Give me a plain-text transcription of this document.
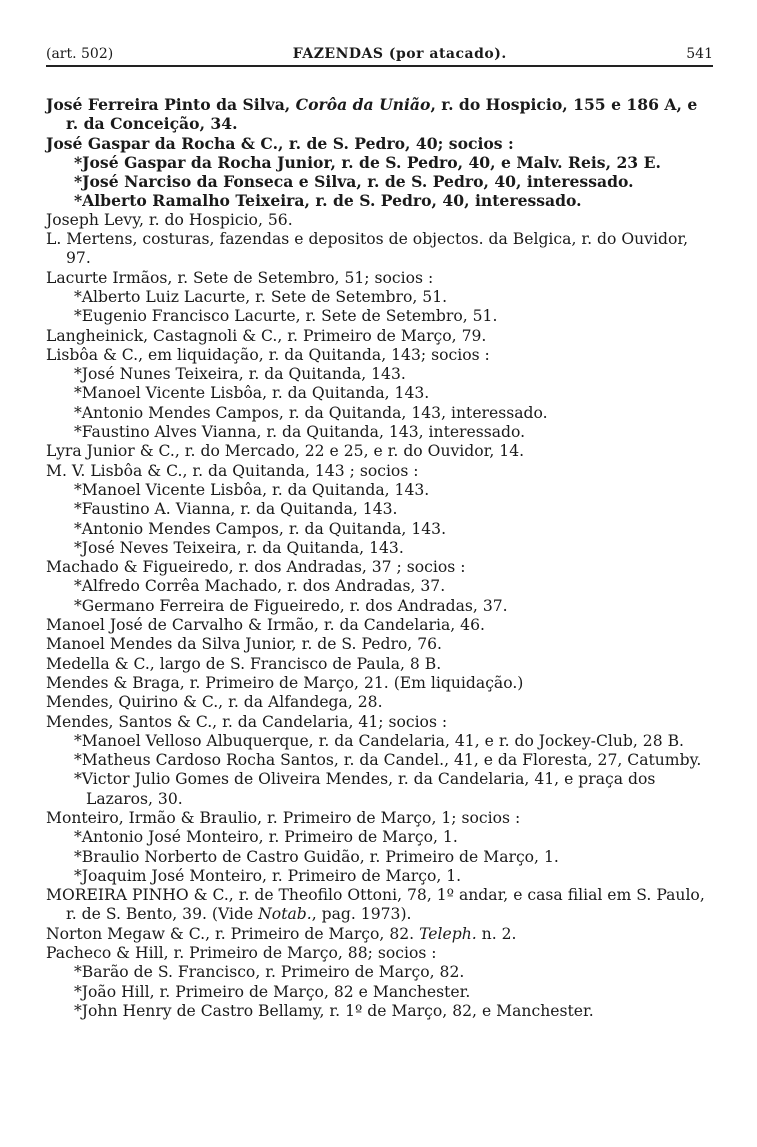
(art. 502)	FAZENDAS (por atacado).	541
José Ferreira Pinto da Silva, Corôa da União, r. do Hospicio, 155 e 186 A, e r. da Conceição, 34.
José Gaspar da Rocha & C., r. de S. Pedro, 40; socios :
*José Gaspar da Rocha Junior, r. de S. Pedro, 40, e Malv. Reis, 23 E.
*José Narciso da Fonseca e Silva, r. de S. Pedro, 40, interessado.
*Alberto Ramalho Teixeira, r. de S. Pedro, 40, interessado.
Joseph Levy, r. do Hospicio, 56.
L. Mertens, costuras, fazendas e depositos de objectos. da Belgica, r. do Ouvidor, 97.
Lacurte Irmãos, r. Sete de Setembro, 51; socios :
*Alberto Luiz Lacurte, r. Sete de Setembro, 51.
*Eugenio Francisco Lacurte, r. Sete de Setembro, 51.
Langheinick, Castagnoli & C., r. Primeiro de Março, 79.
Lisbôa & C., em liquidação, r. da Quitanda, 143; socios :
*José Nunes Teixeira, r. da Quitanda, 143.
*Manoel Vicente Lisbôa, r. da Quitanda, 143.
*Antonio Mendes Campos, r. da Quitanda, 143, interessado.
*Faustino Alves Vianna, r. da Quitanda, 143, interessado.
Lyra Junior & C., r. do Mercado, 22 e 25, e r. do Ouvidor, 14.
M. V. Lisbôa & C., r. da Quitanda, 143 ; socios :
*Manoel Vicente Lisbôa, r. da Quitanda, 143.
*Faustino A. Vianna, r. da Quitanda, 143.
*Antonio Mendes Campos, r. da Quitanda, 143.
*José Neves Teixeira, r. da Quitanda, 143.
Machado & Figueiredo, r. dos Andradas, 37 ; socios :
*Alfredo Corrêa Machado, r. dos Andradas, 37.
*Germano Ferreira de Figueiredo, r. dos Andradas, 37.
Manoel José de Carvalho & Irmão, r. da Candelaria, 46.
Manoel Mendes da Silva Junior, r. de S. Pedro, 76.
Medella & C., largo de S. Francisco de Paula, 8 B.
Mendes & Braga, r. Primeiro de Março, 21. (Em liquidação.)
Mendes, Quirino & C., r. da Alfandega, 28.
Mendes, Santos & C., r. da Candelaria, 41; socios :
*Manoel Velloso Albuquerque, r. da Candelaria, 41, e r. do Jockey-Club, 28 B.
*Matheus Cardoso Rocha Santos, r. da Candel., 41, e da Floresta, 27, Catumby.
*Victor Julio Gomes de Oliveira Mendes, r. da Candelaria, 41, e praça dos Lazaros, 30.
Monteiro, Irmão & Braulio, r. Primeiro de Março, 1; socios :
*Antonio José Monteiro, r. Primeiro de Março, 1.
*Braulio Norberto de Castro Guidão, r. Primeiro de Março, 1.
*Joaquim José Monteiro, r. Primeiro de Março, 1.
MOREIRA PINHO & C., r. de Theofilo Ottoni, 78, 1º andar, e casa filial em S. Paulo, r. de S. Bento, 39. (Vide Notab., pag. 1973).
Norton Megaw & C., r. Primeiro de Março, 82. Teleph. n. 2.
Pacheco & Hill, r. Primeiro de Março, 88; socios :
*Barão de S. Francisco, r. Primeiro de Março, 82.
*João Hill, r. Primeiro de Março, 82 e Manchester.
*John Henry de Castro Bellamy, r. 1º de Março, 82, e Manchester.
